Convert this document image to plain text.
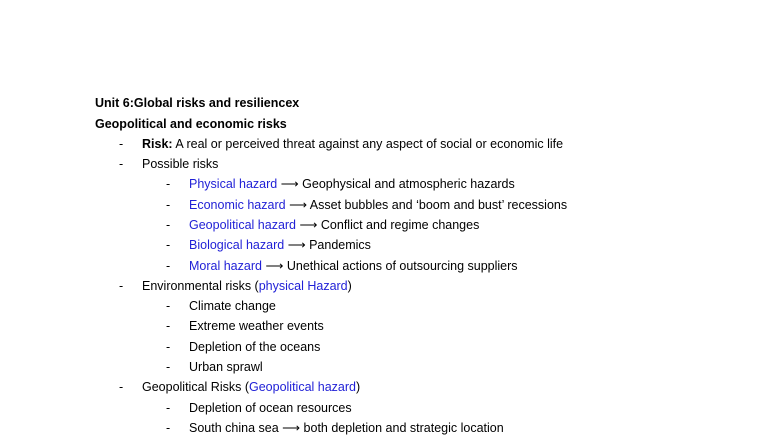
Unit 6:Global risks and resiliencex
Geopolitical and economic risks
- Risk: A real or perceived threat against any aspect of social or economic life
- Possible risks
- Physical hazard ⟶ Geophysical and atmospheric hazards
- Economic hazard ⟶ Asset bubbles and ‘boom and bust’ recessions
- Geopolitical hazard ⟶ Conflict and regime changes
- Biological hazard ⟶ Pandemics
- Moral hazard ⟶ Unethical actions of outsourcing suppliers
- Environmental risks (physical Hazard)
- Climate change
- Extreme weather events
- Depletion of the oceans
- Urban sprawl
- Geopolitical Risks (Geopolitical hazard)
- Depletion of ocean resources
- South china sea ⟶ both depletion and strategic location
